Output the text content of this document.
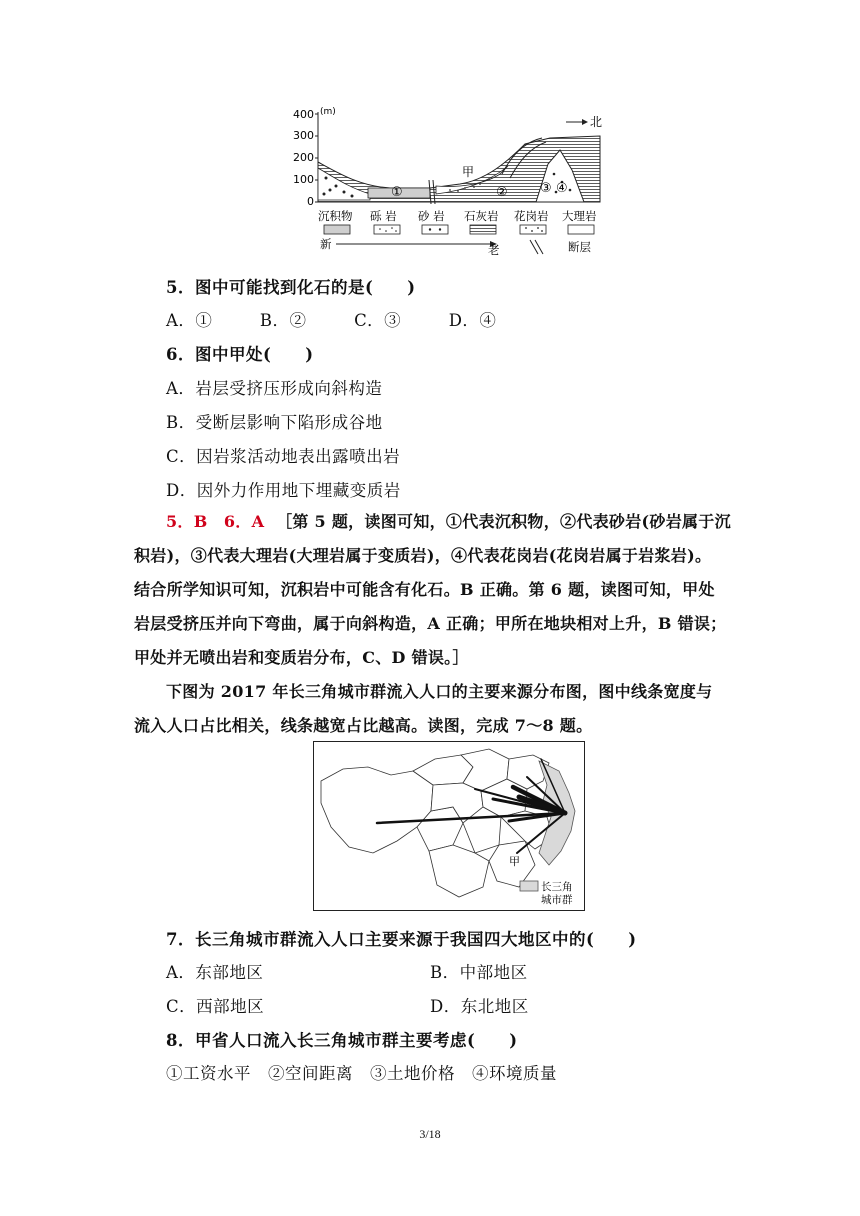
(m)
400
300
200
100
0
北
甲
①	② ③ ④
沉积物 砾 岩 砂 岩 石灰岩 花岗岩 大理岩
新	老	断层
5．图中可能找到化石的是(　　)
A．①	B．②	C．③	D．④
6．图中甲处(　　)
A．岩层受挤压形成向斜构造
B．受断层影响下陷形成谷地
C．因岩浆活动地表出露喷出岩
D．因外力作用地下埋藏变质岩
5．B　6．A ［第 5 题，读图可知，①代表沉积物，②代表砂岩(砂岩属于沉
积岩)，③代表大理岩(大理岩属于变质岩)，④代表花岗岩(花岗岩属于岩浆岩)。
结合所学知识可知，沉积岩中可能含有化石。B 正确。第 6 题，读图可知，甲处
岩层受挤压并向下弯曲，属于向斜构造，A 正确；甲所在地块相对上升，B 错误；
甲处并无喷出岩和变质岩分布，C、D 错误。］
下图为 2017 年长三角城市群流入人口的主要来源分布图，图中线条宽度与
流入人口占比相关，线条越宽占比越高。读图，完成 7～8 题。
甲
长三角
城市群
7．长三角城市群流入人口主要来源于我国四大地区中的(　　)
A．东部地区	B．中部地区
C．西部地区	D．东北地区
8．甲省人口流入长三角城市群主要考虑(　　)
①工资水平　②空间距离　③土地价格　④环境质量
3/18
